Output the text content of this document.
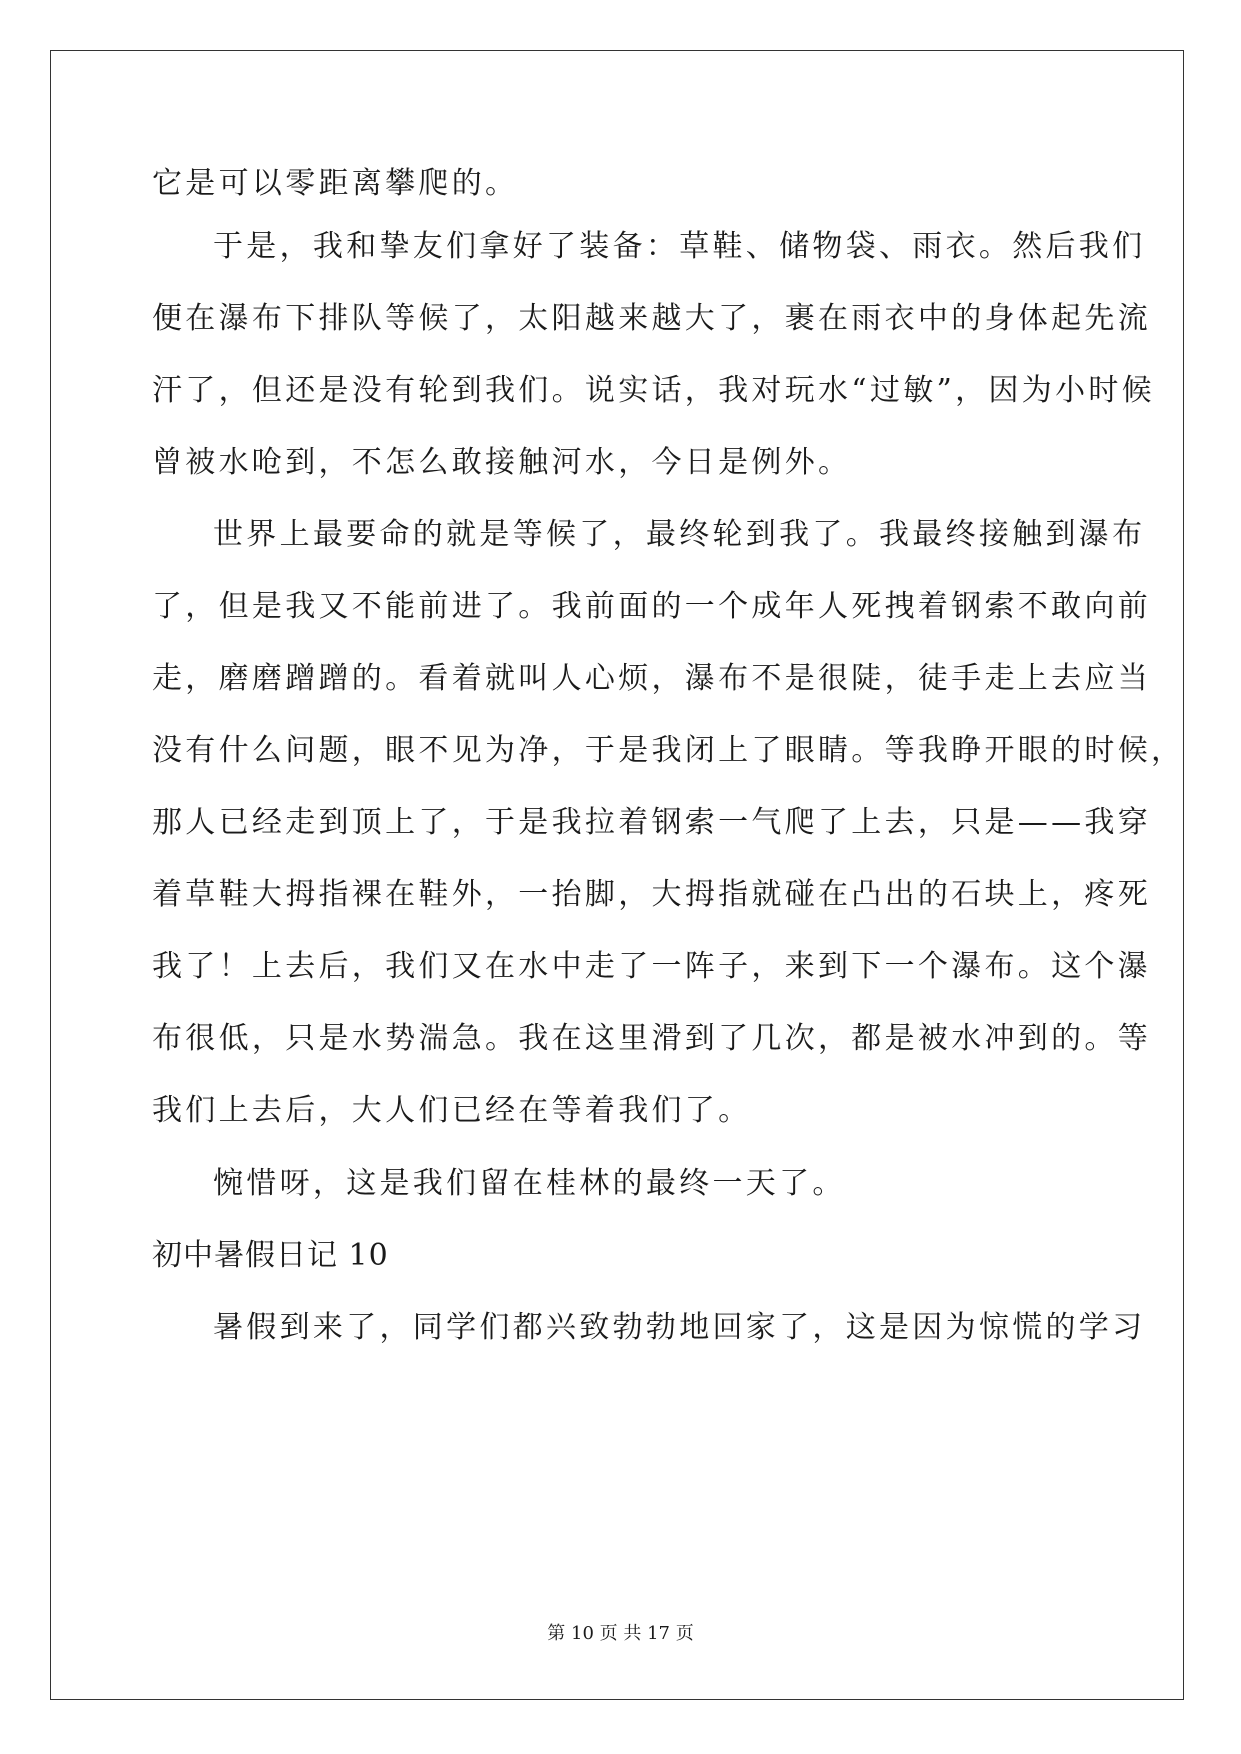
它是可以零距离攀爬的。
于是，我和挚友们拿好了装备：草鞋、储物袋、雨衣。然后我们
便在瀑布下排队等候了，太阳越来越大了，裹在雨衣中的身体起先流
汗了，但还是没有轮到我们。说实话，我对玩水“过敏”，因为小时候
曾被水呛到，不怎么敢接触河水，今日是例外。
世界上最要命的就是等候了，最终轮到我了。我最终接触到瀑布
了，但是我又不能前进了。我前面的一个成年人死拽着钢索不敢向前
走，磨磨蹭蹭的。看着就叫人心烦，瀑布不是很陡，徒手走上去应当
没有什么问题，眼不见为净，于是我闭上了眼睛。等我睁开眼的时候，
那人已经走到顶上了，于是我拉着钢索一气爬了上去，只是——我穿
着草鞋大拇指裸在鞋外，一抬脚，大拇指就碰在凸出的石块上，疼死
我了！上去后，我们又在水中走了一阵子，来到下一个瀑布。这个瀑
布很低，只是水势湍急。我在这里滑到了几次，都是被水冲到的。等
我们上去后，大人们已经在等着我们了。
惋惜呀，这是我们留在桂林的最终一天了。
初中暑假日记 10
暑假到来了，同学们都兴致勃勃地回家了，这是因为惊慌的学习
第 10 页 共 17 页
